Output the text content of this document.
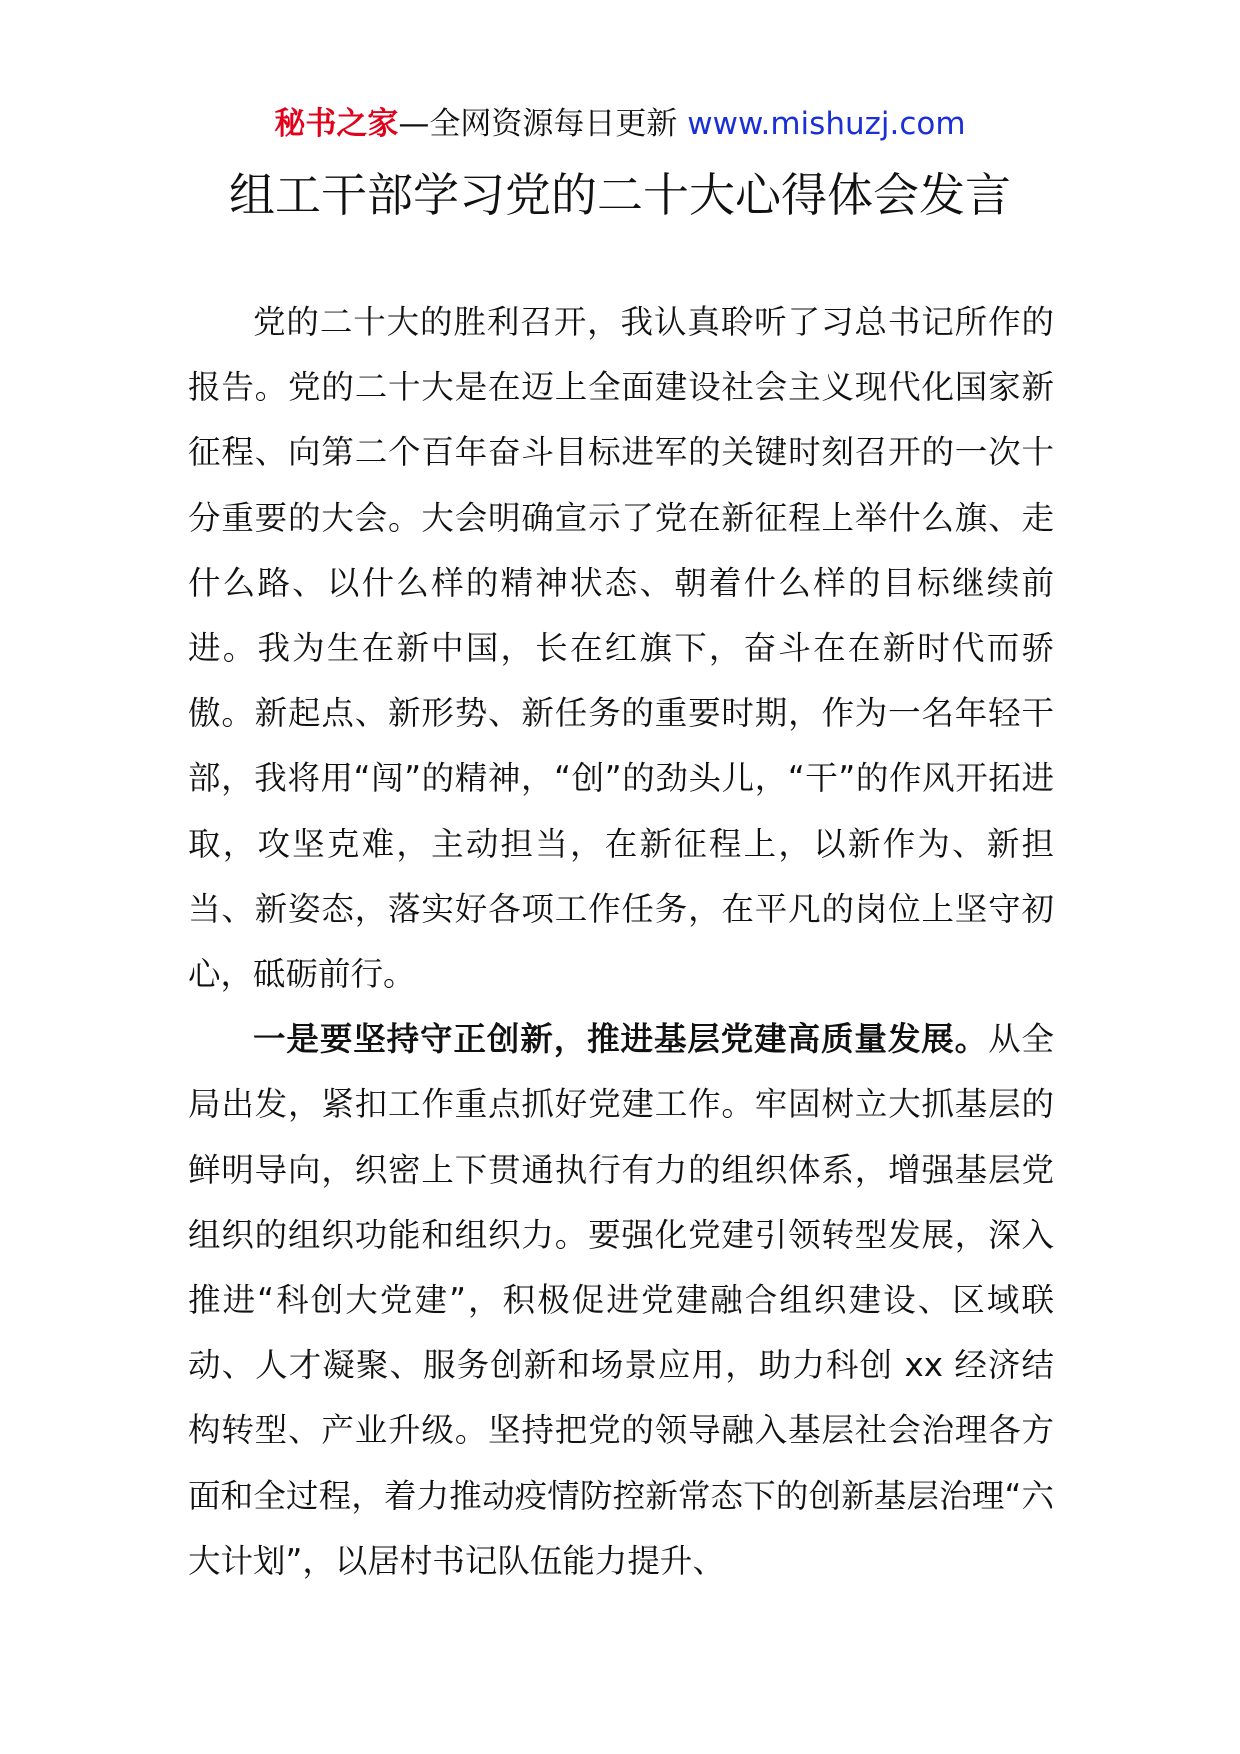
秘书之家—全网资源每日更新 www.mishuzj.com
组工干部学习党的二十大心得体会发言

党的二十大的胜利召开，我认真聆听了习总书记所作的报告。党的二十大是在迈上全面建设社会主义现代化国家新征程、向第二个百年奋斗目标进军的关键时刻召开的一次十分重要的大会。大会明确宣示了党在新征程上举什么旗、走什么路、以什么样的精神状态、朝着什么样的目标继续前进。我为生在新中国，长在红旗下，奋斗在在新时代而骄傲。新起点、新形势、新任务的重要时期，作为一名年轻干部，我将用“闯”的精神，“创”的劲头儿，“干”的作风开拓进取，攻坚克难，主动担当，在新征程上，以新作为、新担当、新姿态，落实好各项工作任务，在平凡的岗位上坚守初心，砥砺前行。

一是要坚持守正创新，推进基层党建高质量发展。从全局出发，紧扣工作重点抓好党建工作。牢固树立大抓基层的鲜明导向，织密上下贯通执行有力的组织体系，增强基层党组织的组织功能和组织力。要强化党建引领转型发展，深入推进“科创大党建”，积极促进党建融合组织建设、区域联动、人才凝聚、服务创新和场景应用，助力科创 xx 经济结构转型、产业升级。坚持把党的领导融入基层社会治理各方面和全过程，着力推动疫情防控新常态下的创新基层治理“六大计划”，以居村书记队伍能力提升、
